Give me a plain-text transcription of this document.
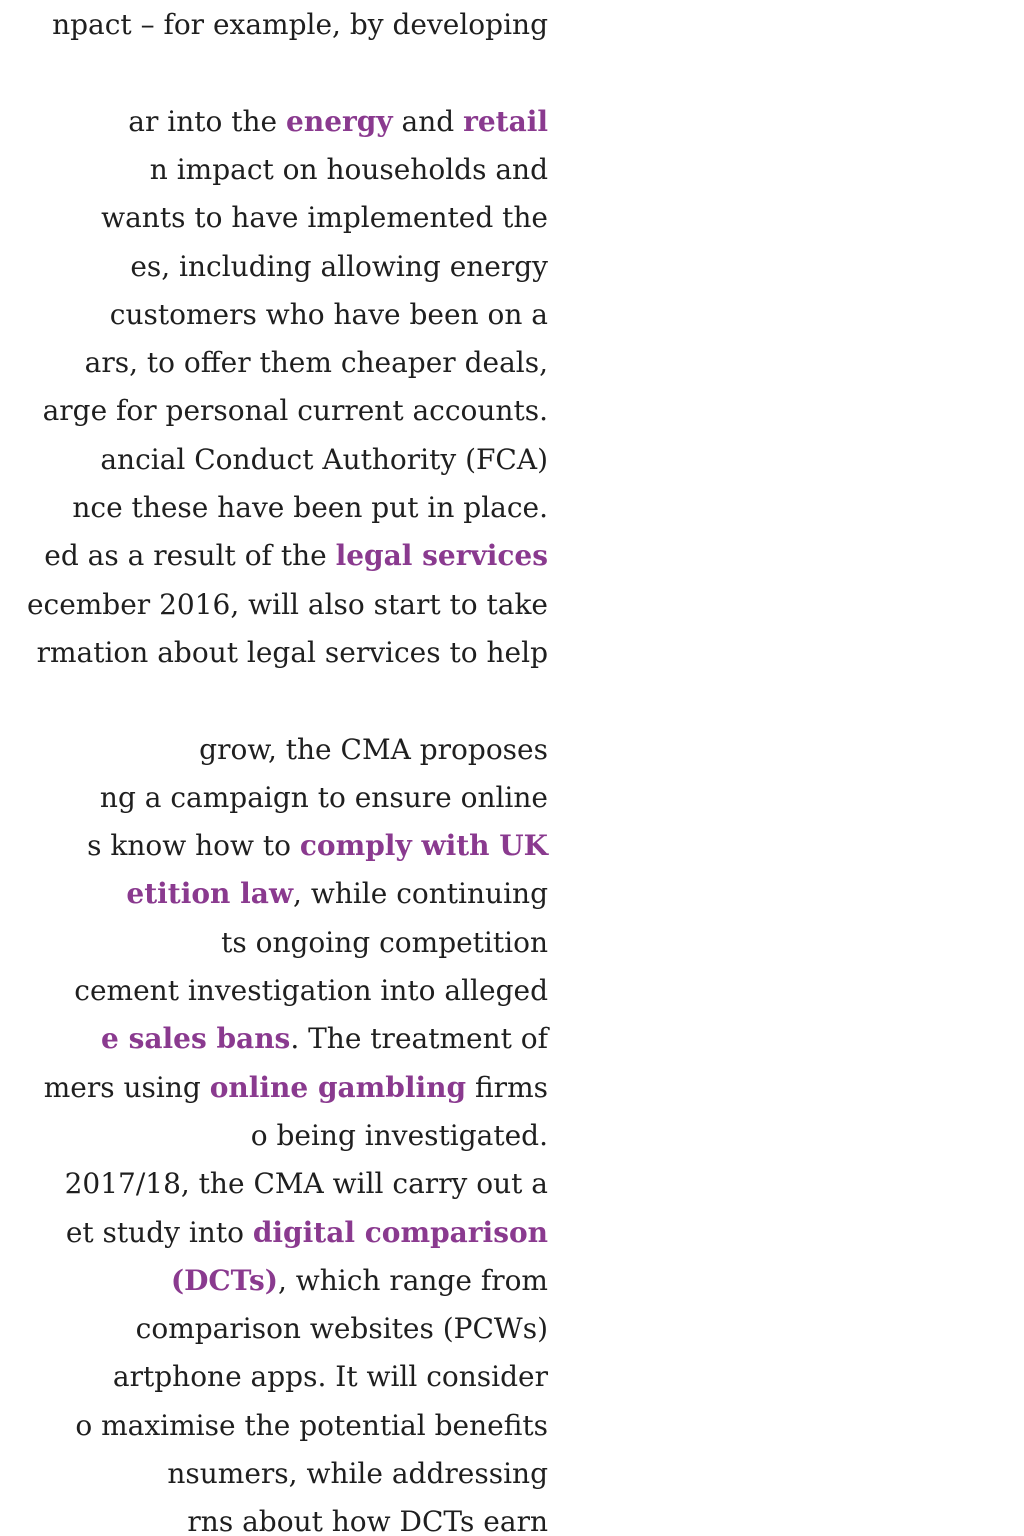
npact – for example, by developing
ar into the energy and retail
n impact on households and
wants to have implemented the
es, including allowing energy
customers who have been on a
ars, to offer them cheaper deals,
arge for personal current accounts.
ancial Conduct Authority (FCA)
nce these have been put in place.
ed as a result of the legal services
ecember 2016, will also start to take
rmation about legal services to help
grow, the CMA proposes
ng a campaign to ensure online
s know how to comply with UK
etition law, while continuing
ts ongoing competition
cement investigation into alleged
e sales bans. The treatment of
mers using online gambling firms
o being investigated.
2017/18, the CMA will carry out a
et study into digital comparison
(DCTs), which range from
comparison websites (PCWs)
artphone apps. It will consider
o maximise the potential benefits
nsumers, while addressing
rns about how DCTs earn
